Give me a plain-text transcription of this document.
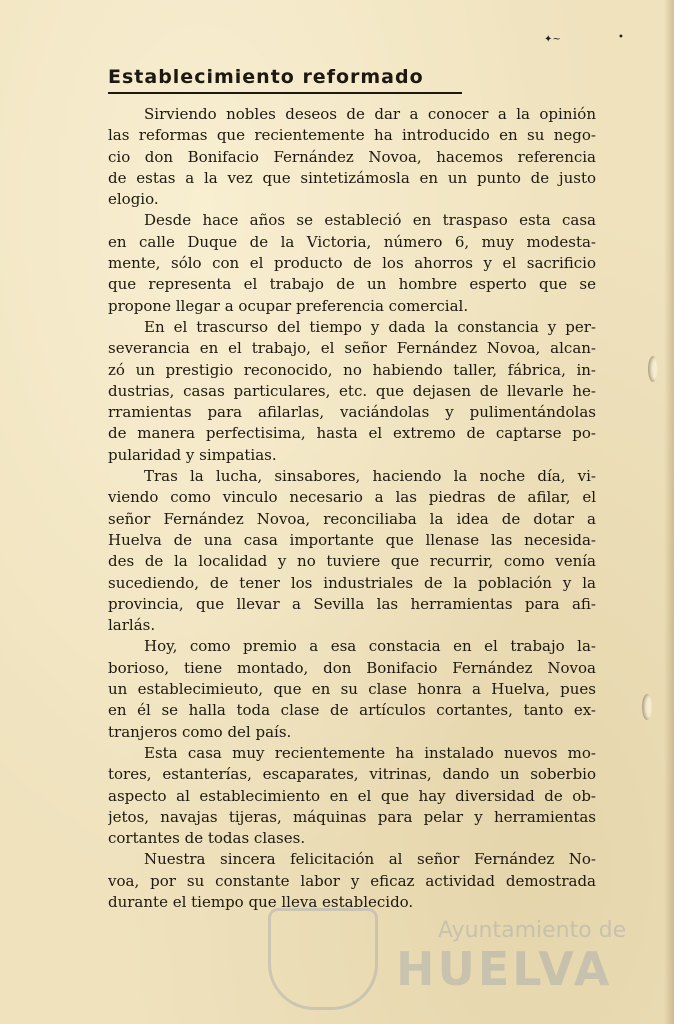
✦~	•
Establecimiento reformado

Sirviendo nobles deseos de dar a conocer a la opinión
las reformas que recientemente ha introducido en su nego-
cio don Bonifacio Fernández Novoa, hacemos referencia
de estas a la vez que sintetizámosla en un punto de justo
elogio.

Desde hace años se estableció en traspaso esta casa
en calle Duque de la Victoria, número 6, muy modesta-
mente, sólo con el producto de los ahorros y el sacrificio
que representa el trabajo de un hombre esperto que se
propone llegar a ocupar preferencia comercial.

En el trascurso del tiempo y dada la constancia y per-
severancia en el trabajo, el señor Fernández Novoa, alcan-
zó un prestigio reconocido, no habiendo taller, fábrica, in-
dustrias, casas particulares, etc. que dejasen de llevarle he-
rramientas para afilarlas, vaciándolas y pulimentándolas
de manera perfectisima, hasta el extremo de captarse po-
pularidad y simpatias.

Tras la lucha, sinsabores, haciendo la noche día, vi-
viendo como vinculo necesario a las piedras de afilar, el
señor Fernández Novoa, reconciliaba la idea de dotar a
Huelva de una casa importante que llenase las necesida-
des de la localidad y no tuviere que recurrir, como venía
sucediendo, de tener los industriales de la población y la
provincia, que llevar a Sevilla las herramientas para afi-
larlás.

Hoy, como premio a esa constacia en el trabajo la-
borioso, tiene montado, don Bonifacio Fernández Novoa
un establecimieuto, que en su clase honra a Huelva, pues
en él se halla toda clase de artículos cortantes, tanto ex-
tranjeros como del país.

Esta casa muy recientemente ha instalado nuevos mo-
tores, estanterías, escaparates, vitrinas, dando un soberbio
aspecto al establecimiento en el que hay diversidad de ob-
jetos, navajas tijeras, máquinas para pelar y herramientas
cortantes de todas clases.

Nuestra sincera felicitación al señor Fernández No-
voa, por su constante labor y eficaz actividad demostrada
durante el tiempo que lleva establecido.

Ayuntamiento de
HUELVA
